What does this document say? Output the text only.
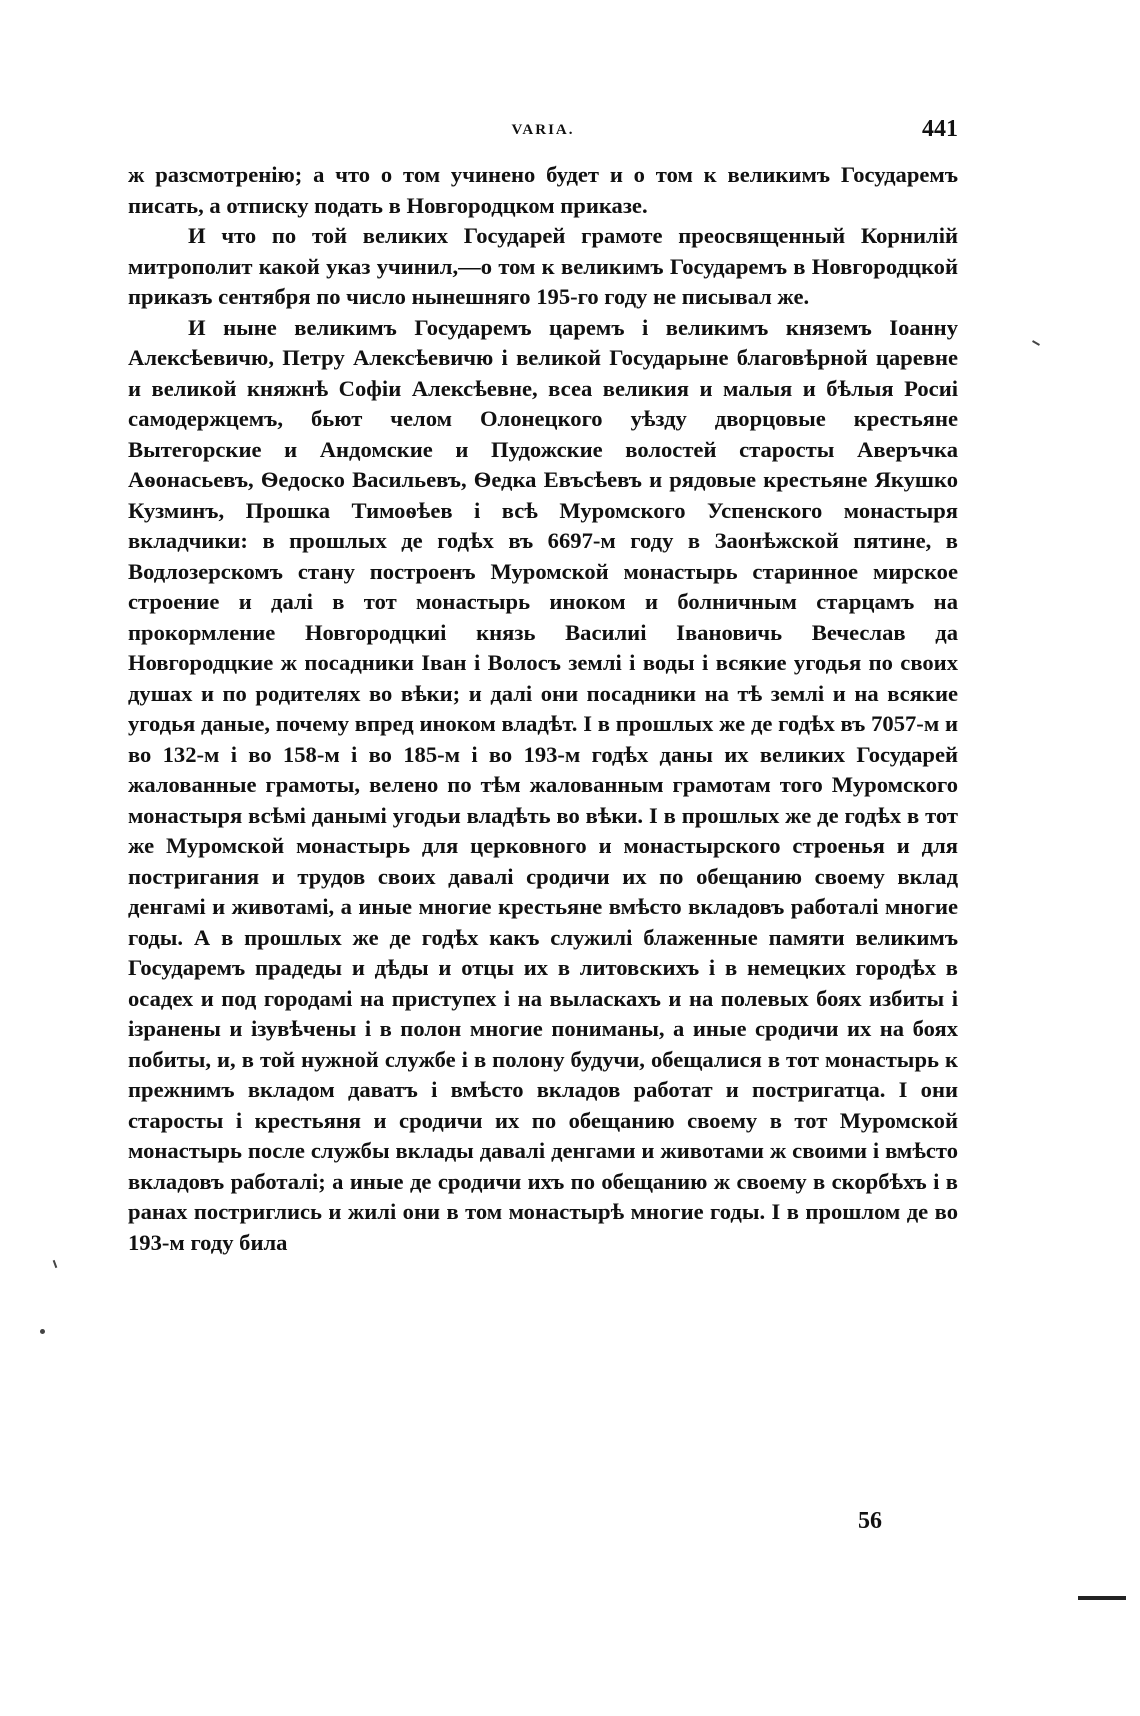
VARIA.	441

ж разсмотренію; а что о том учинено будет и о том к великимъ Государемъ писать, а отписку подать в Новгородцком приказе.

И что по той великих Государей грамоте преосвященный Корнилій митрополит какой указ учинил,—о том к великимъ Государемъ в Новгородцкой приказъ сентября по число нынешняго 195-го году не писывал же.

И ныне великимъ Государемъ царемъ і великимъ княземъ Іоанну Алексѣевичю, Петру Алексѣевичю і великой Государыне благовѣрной царевне и великой княжнѣ Софіи Алексѣевне, всеа великия и малыя и бѣлыя Росиі самодержцемъ, бьют челом Олонецкого уѣзду дворцовые крестьяне Вытегорские и Андомские и Пудожские волостей старосты Аверъчка Аѳонасьевъ, Ѳедоско Васильевъ, Ѳедка Евъсѣевъ и рядовые крестьяне Якушко Кузминъ, Прошка Тимоѳѣев і всѣ Муромского Успенского монастыря вкладчики: в прошлых де годѣх въ 6697-м году в Заонѣжской пятине, в Водлозерскомъ стану построенъ Муромской монастырь старинное мирское строение и далі в тот монастырь иноком и болничным старцамъ на прокормление Новгородцкиі князь Василиі Івановичь Вечеслав да Новгородцкие ж посадники Іван і Волосъ землі і воды і всякие угодья по своих душах и по родителях во вѣки; и далі они посадники на тѣ землі и на всякие угодья даные, почему впред иноком владѣт. І в прошлых же де годѣх въ 7057-м и во 132-м і во 158-м і во 185-м і во 193-м годѣх даны их великих Государей жалованные грамоты, велено по тѣм жалованным грамотам того Муромского монастыря всѣмі данымі угодьи владѣть во вѣки. І в прошлых же де годѣх в тот же Муромской монастырь для церковного и монастырского строенья и для постригания и трудов своих давалі сродичи их по обещанию своему вклад денгамі и животамі, а иные многие крестьяне вмѣсто вкладовъ работалі многие годы. А в прошлых же де годѣх какъ служилі блаженные памяти великимъ Государемъ прадеды и дѣды и отцы их в литовскихъ і в немецких городѣх в осадех и под городамі на приступех і на выласкахъ и на полевых боях избиты і ізранены и ізувѣчены і в полон многие пониманы, а иные сродичи их на боях побиты, и, в той нужной службе і в полону будучи, обещалися в тот монастырь к прежнимъ вкладом даватъ і вмѣсто вкладов работат и постригатца. І они старосты і крестьяня и сродичи их по обещанию своему в тот Муромской монастырь после службы вклады давалі денгами и животами ж своими і вмѣсто вкладовъ работалі; а иные де сродичи ихъ по обещанию ж своему в скорбѣхъ і в ранах постриглись и жилі они в том монастырѣ многие годы. І в прошлом де во 193-м году била

56
